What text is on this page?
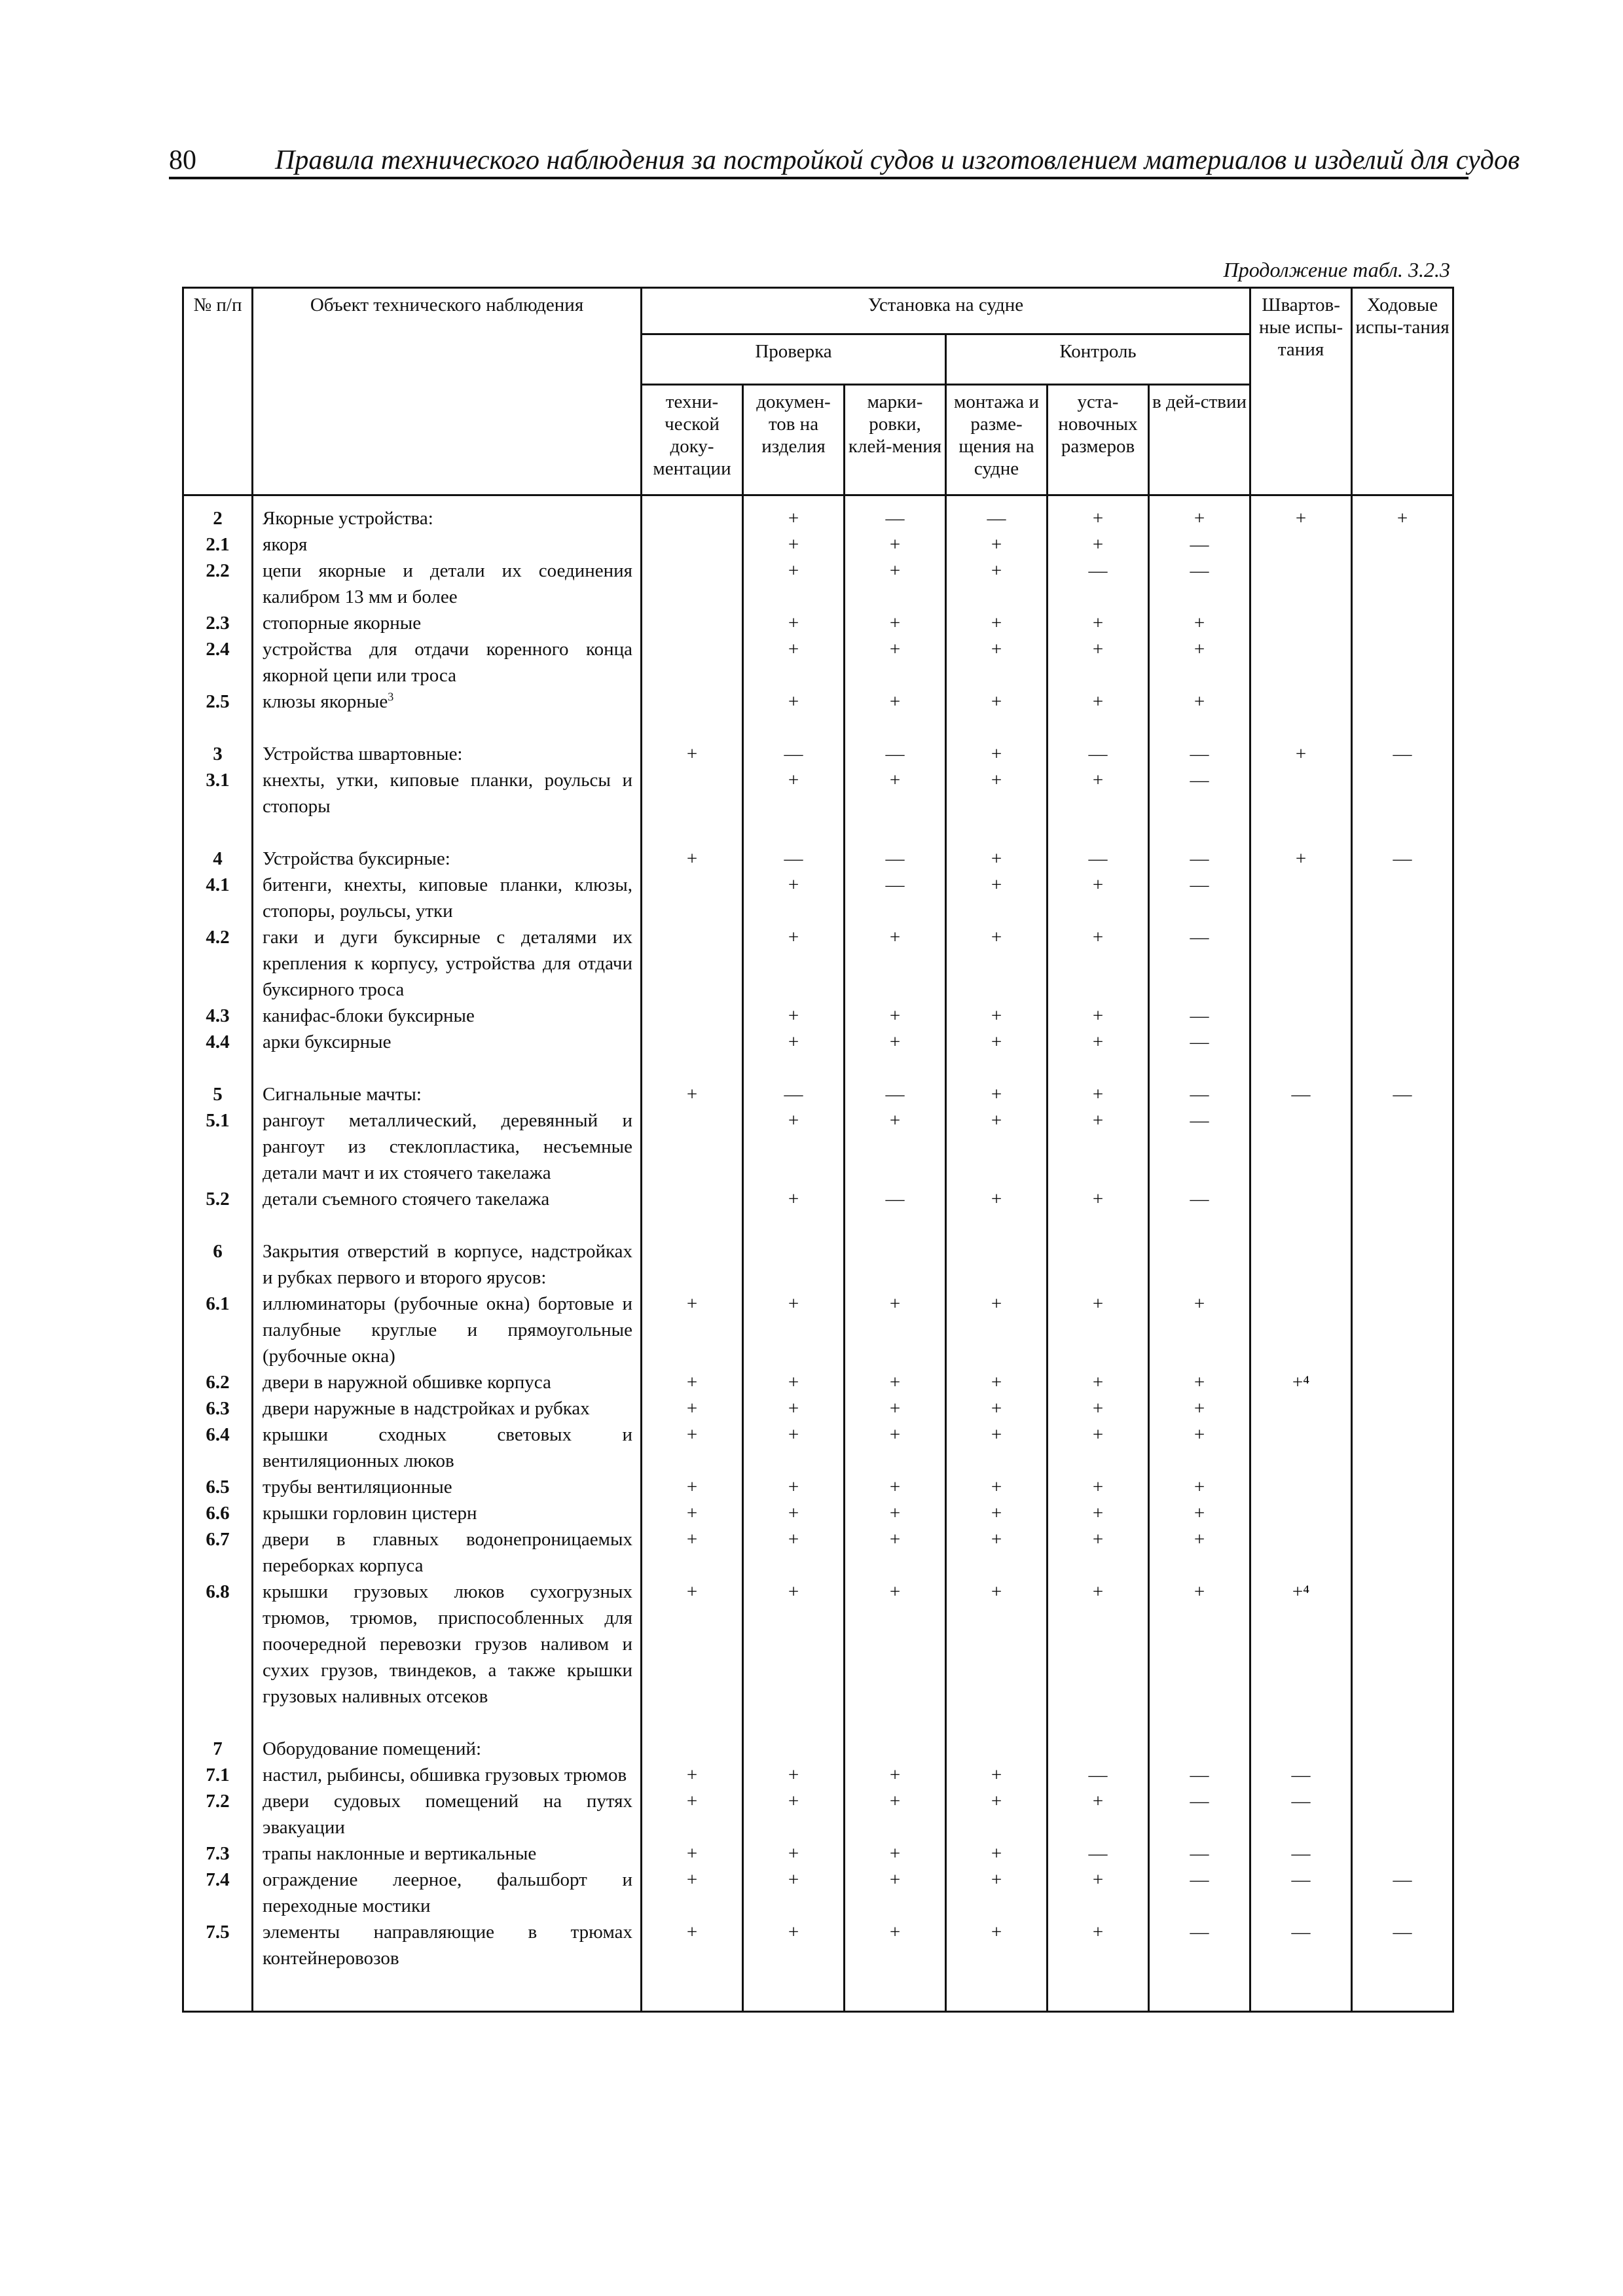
80	Правила технического наблюдения за постройкой судов и изготовлением материалов и изделий для судов
Продолжение табл. 3.2.3
№ п/п	Объект технического наблюдения	Установка на судне						Швартов-ные испы-тания	Ходовые испы-тания
		Проверка			Контроль				
		техни-ческой доку-ментации	докумен-тов на изделия	марки-ровки, клей-мения	монтажа и разме-щения на судне	уста-новочных размеров	в дей-ствии		
2	Якорные устройства:		+	—	—	+	+	+	+
2.1	якоря		+	+	+	+	—		
2.2	цепи якорные и детали их соединения калибром 13 мм и более		+	+	+	—	—		
2.3	стопорные якорные		+	+	+	+	+		
2.4	устройства для отдачи коренного конца якорной цепи или троса		+	+	+	+	+		
2.5	клюзы якорные$^3$		+	+	+	+	+		

3	Устройства швартовные:	+	—	—	+	—	—	+	—
3.1	кнехты, утки, киповые планки, роульсы и стопоры		+	+	+	+	—		

4	Устройства буксирные:	+	—	—	+	—	—	+	—
4.1	битенги, кнехты, киповые планки, клюзы, стопоры, роульсы, утки		+	—	+	+	—		
4.2	гаки и дуги буксирные с деталями их крепления к корпусу, устройства для отдачи буксирного троса		+	+	+	+	—		
4.3	канифас-блоки буксирные		+	+	+	+	—		
4.4	арки буксирные		+	+	+	+	—		

5	Сигнальные мачты:	+	—	—	+	+	—	—	—
5.1	рангоут металлический, деревянный и рангоут из стеклопластика, несъемные детали мачт и их стоячего такелажа		+	+	+	+	—		
5.2	детали съемного стоячего такелажа		+	—	+	+	—		

6	Закрытия отверстий в корпусе, надстройках и рубках первого и второго ярусов:								
6.1	иллюминаторы (рубочные окна) бортовые и палубные круглые и прямоугольные (рубочные окна)	+	+	+	+	+	+		
6.2	двери в наружной обшивке корпуса	+	+	+	+	+	+	+⁴	
6.3	двери наружные в надстройках и рубках	+	+	+	+	+	+		
6.4	крышки сходных световых и вентиляционных люков	+	+	+	+	+	+		
6.5	трубы вентиляционные	+	+	+	+	+	+		
6.6	крышки горловин цистерн	+	+	+	+	+	+		
6.7	двери в главных водонепроницаемых переборках корпуса	+	+	+	+	+	+		
6.8	крышки грузовых люков сухогрузных трюмов, трюмов, приспособленных для поочередной перевозки грузов наливом и сухих грузов, твиндеков, а также крышки грузовых наливных отсеков	+	+	+	+	+	+	+⁴	

7	Оборудование помещений:								
7.1	настил, рыбинсы, обшивка грузовых трюмов	+	+	+	+	—	—	—	
7.2	двери судовых помещений на путях эвакуации	+	+	+	+	+	—	—	
7.3	трапы наклонные и вертикальные	+	+	+	+	—	—	—	
7.4	ограждение леерное, фальшборт и переходные мостики	+	+	+	+	+	—	—	—
7.5	элементы направляющие в трюмах контейнеровозов	+	+	+	+	+	—	—	—
